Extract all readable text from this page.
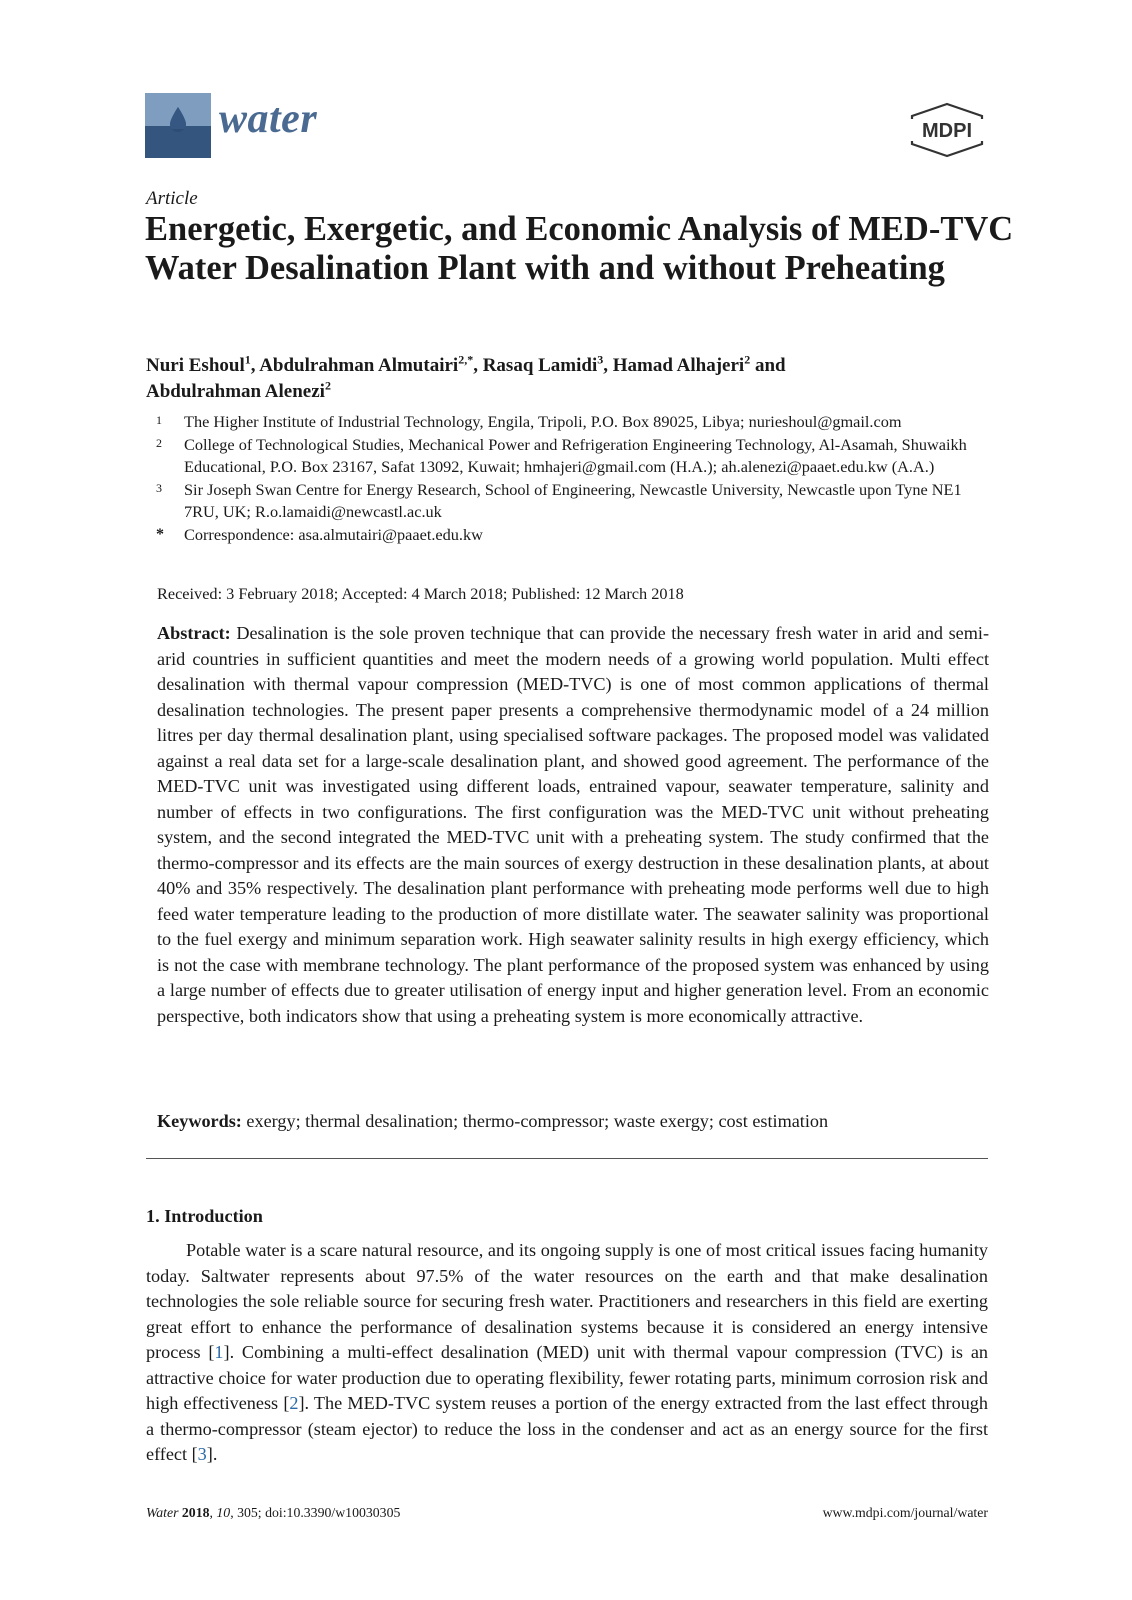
water	MDPI
Article
Energetic, Exergetic, and Economic Analysis of MED-TVC Water Desalination Plant with and without Preheating
Nuri Eshoul$^1$, Abdulrahman Almutairi$^{2,*}$, Rasaq Lamidi$^3$, Hamad Alhajeri$^2$ and
Abdulrahman Alenezi$^2$
1	The Higher Institute of Industrial Technology, Engila, Tripoli, P.O. Box 89025, Libya; nurieshoul@gmail.com
2	College of Technological Studies, Mechanical Power and Refrigeration Engineering Technology, Al-Asamah, Shuwaikh Educational, P.O. Box 23167, Safat 13092, Kuwait; hmhajeri@gmail.com (H.A.); ah.alenezi@paaet.edu.kw (A.A.)
3	Sir Joseph Swan Centre for Energy Research, School of Engineering, Newcastle University, Newcastle upon Tyne NE1 7RU, UK; R.o.lamaidi@newcastl.ac.uk
*	Correspondence: asa.almutairi@paaet.edu.kw
Received: 3 February 2018; Accepted: 4 March 2018; Published: 12 March 2018

Abstract: Desalination is the sole proven technique that can provide the necessary fresh water in arid and semi-arid countries in sufficient quantities and meet the modern needs of a growing world population. Multi effect desalination with thermal vapour compression (MED-TVC) is one of most common applications of thermal desalination technologies. The present paper presents a comprehensive thermodynamic model of a 24 million litres per day thermal desalination plant, using specialised software packages. The proposed model was validated against a real data set for a large-scale desalination plant, and showed good agreement. The performance of the MED-TVC unit was investigated using different loads, entrained vapour, seawater temperature, salinity and number of effects in two configurations. The first configuration was the MED-TVC unit without preheating system, and the second integrated the MED-TVC unit with a preheating system. The study confirmed that the thermo-compressor and its effects are the main sources of exergy destruction in these desalination plants, at about 40% and 35% respectively. The desalination plant performance with preheating mode performs well due to high feed water temperature leading to the production of more distillate water. The seawater salinity was proportional to the fuel exergy and minimum separation work. High seawater salinity results in high exergy efficiency, which is not the case with membrane technology. The plant performance of the proposed system was enhanced by using a large number of effects due to greater utilisation of energy input and higher generation level. From an economic perspective, both indicators show that using a preheating system is more economically attractive.

Keywords: exergy; thermal desalination; thermo-compressor; waste exergy; cost estimation

1. Introduction

Potable water is a scare natural resource, and its ongoing supply is one of most critical issues facing humanity today. Saltwater represents about 97.5% of the water resources on the earth and that make desalination technologies the sole reliable source for securing fresh water. Practitioners and researchers in this field are exerting great effort to enhance the performance of desalination systems because it is considered an energy intensive process [1]. Combining a multi-effect desalination (MED) unit with thermal vapour compression (TVC) is an attractive choice for water production due to operating flexibility, fewer rotating parts, minimum corrosion risk and high effectiveness [2]. The MED-TVC system reuses a portion of the energy extracted from the last effect through a thermo-compressor (steam ejector) to reduce the loss in the condenser and act as an energy source for the first effect [3].

Water 2018, 10, 305; doi:10.3390/w10030305	www.mdpi.com/journal/water
